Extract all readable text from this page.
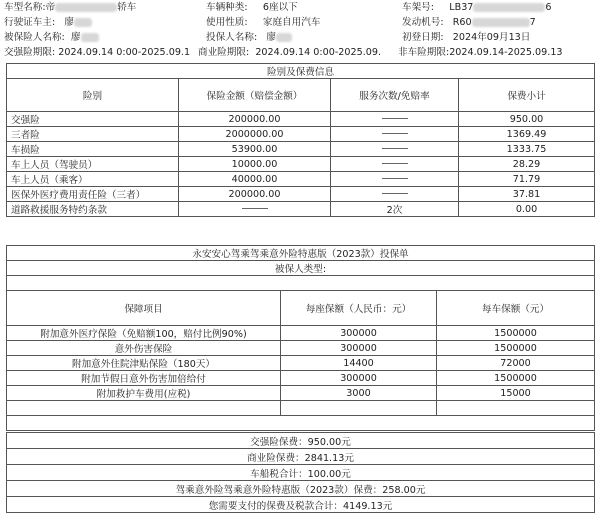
车型名称:帝	轿车	车辆种类: 6座以下	车架号: LB37	6
行驶证车主: 廖	使用性质: 家庭自用汽车	发动机号: R60	7
被保险人名称: 廖	投保人名称: 廖	初登日期: 2024年09月13日
交强险期限: 2024.09.14 0:00-2025.09.1 商业险期限: 2024.09.14 0:00-2025.09. 非车险期限:2024.09.14-2025.09.13
险别及保费信息			
险别	保险金额（赔偿金额）	服务次数/免赔率	保费小计
交强险	200000.00		950.00
三者险	2000000.00		1369.49
车损险	53900.00		1333.75
车上人员（驾驶员）	10000.00		28.29
车上人员（乘客）	40000.00		71.79
医保外医疗费用责任险（三者）	200000.00		37.81
道路救援服务特约条款		2次	0.00
永安安心驾乘驾乘意外险特惠版（2023款）投保单		
被保人类型:		

保障项目	每座保额（人民币：元）	每车保额（元）
附加意外医疗保险（免赔额100，赔付比例90%)	300000	1500000
意外伤害保险	300000	1500000
附加意外住院津贴保险（180天）	14400	72000
附加节假日意外伤害加倍给付	300000	1500000
附加救护车费用(应税)	3000	15000

交强险保费：950.00元
商业险保费：2841.13元
车船税合计：100.00元
驾乘意外险驾乘意外险特惠版（2023款）保费：258.00元
您需要支付的保费及税款合计：4149.13元
